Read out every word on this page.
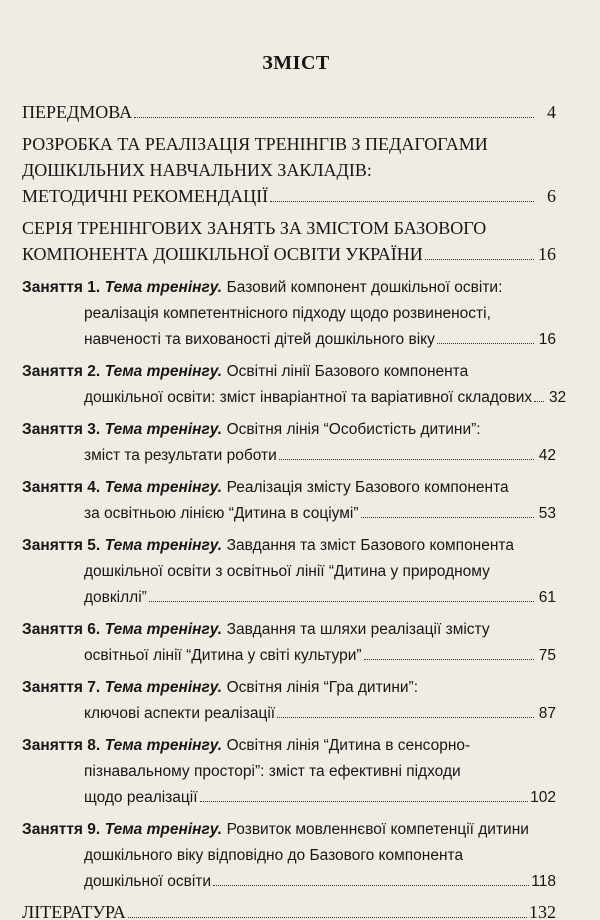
ЗМІСТ
ПЕРЕДМОВА	4
РОЗРОБКА ТА РЕАЛІЗАЦІЯ ТРЕНІНГІВ З ПЕДАГОГАМИ
ДОШКІЛЬНИХ НАВЧАЛЬНИХ ЗАКЛАДІВ:
МЕТОДИЧНІ РЕКОМЕНДАЦІЇ	6
СЕРІЯ ТРЕНІНГОВИХ ЗАНЯТЬ ЗА ЗМІСТОМ БАЗОВОГО
КОМПОНЕНТА ДОШКІЛЬНОЇ ОСВІТИ УКРАЇНИ	16
Заняття 1.
Тема тренінгу.
Базовий компонент дошкільної освіти:
реалізація компетентнісного підходу щодо розвиненості,
навченості та вихованості дітей дошкільного віку	16
Заняття 2.
Тема тренінгу.
Освітні лінії Базового компонента
дошкільної освіти: зміст інваріантної та варіативної складових 32
Заняття 3.
Тема тренінгу.
Освітня лінія “Особистість дитини”:
зміст та результати роботи	42
Заняття 4.
Тема тренінгу.
Реалізація змісту Базового компонента
за освітньою лінією “Дитина в соціумі”	53
Заняття 5.
Тема тренінгу.
Завдання та зміст Базового компонента
дошкільної освіти з освітньої лінії “Дитина у природному
довкіллі”	61
Заняття 6.
Тема тренінгу.
Завдання та шляхи реалізації змісту
освітньої лінії “Дитина у світі культури”	75
Заняття 7.
Тема тренінгу.
Освітня лінія “Гра дитини”:
ключові аспекти реалізації	87
Заняття 8.
Тема тренінгу.
Освітня лінія “Дитина в сенсорно-
пізнавальному просторі”: зміст та ефективні підходи
щодо реалізації	102
Заняття 9.
Тема тренінгу.
Розвиток мовленнєвої компетенції дитини
дошкільного віку відповідно до Базового компонента
дошкільної освіти	118
ЛІТЕРАТУРА	132
